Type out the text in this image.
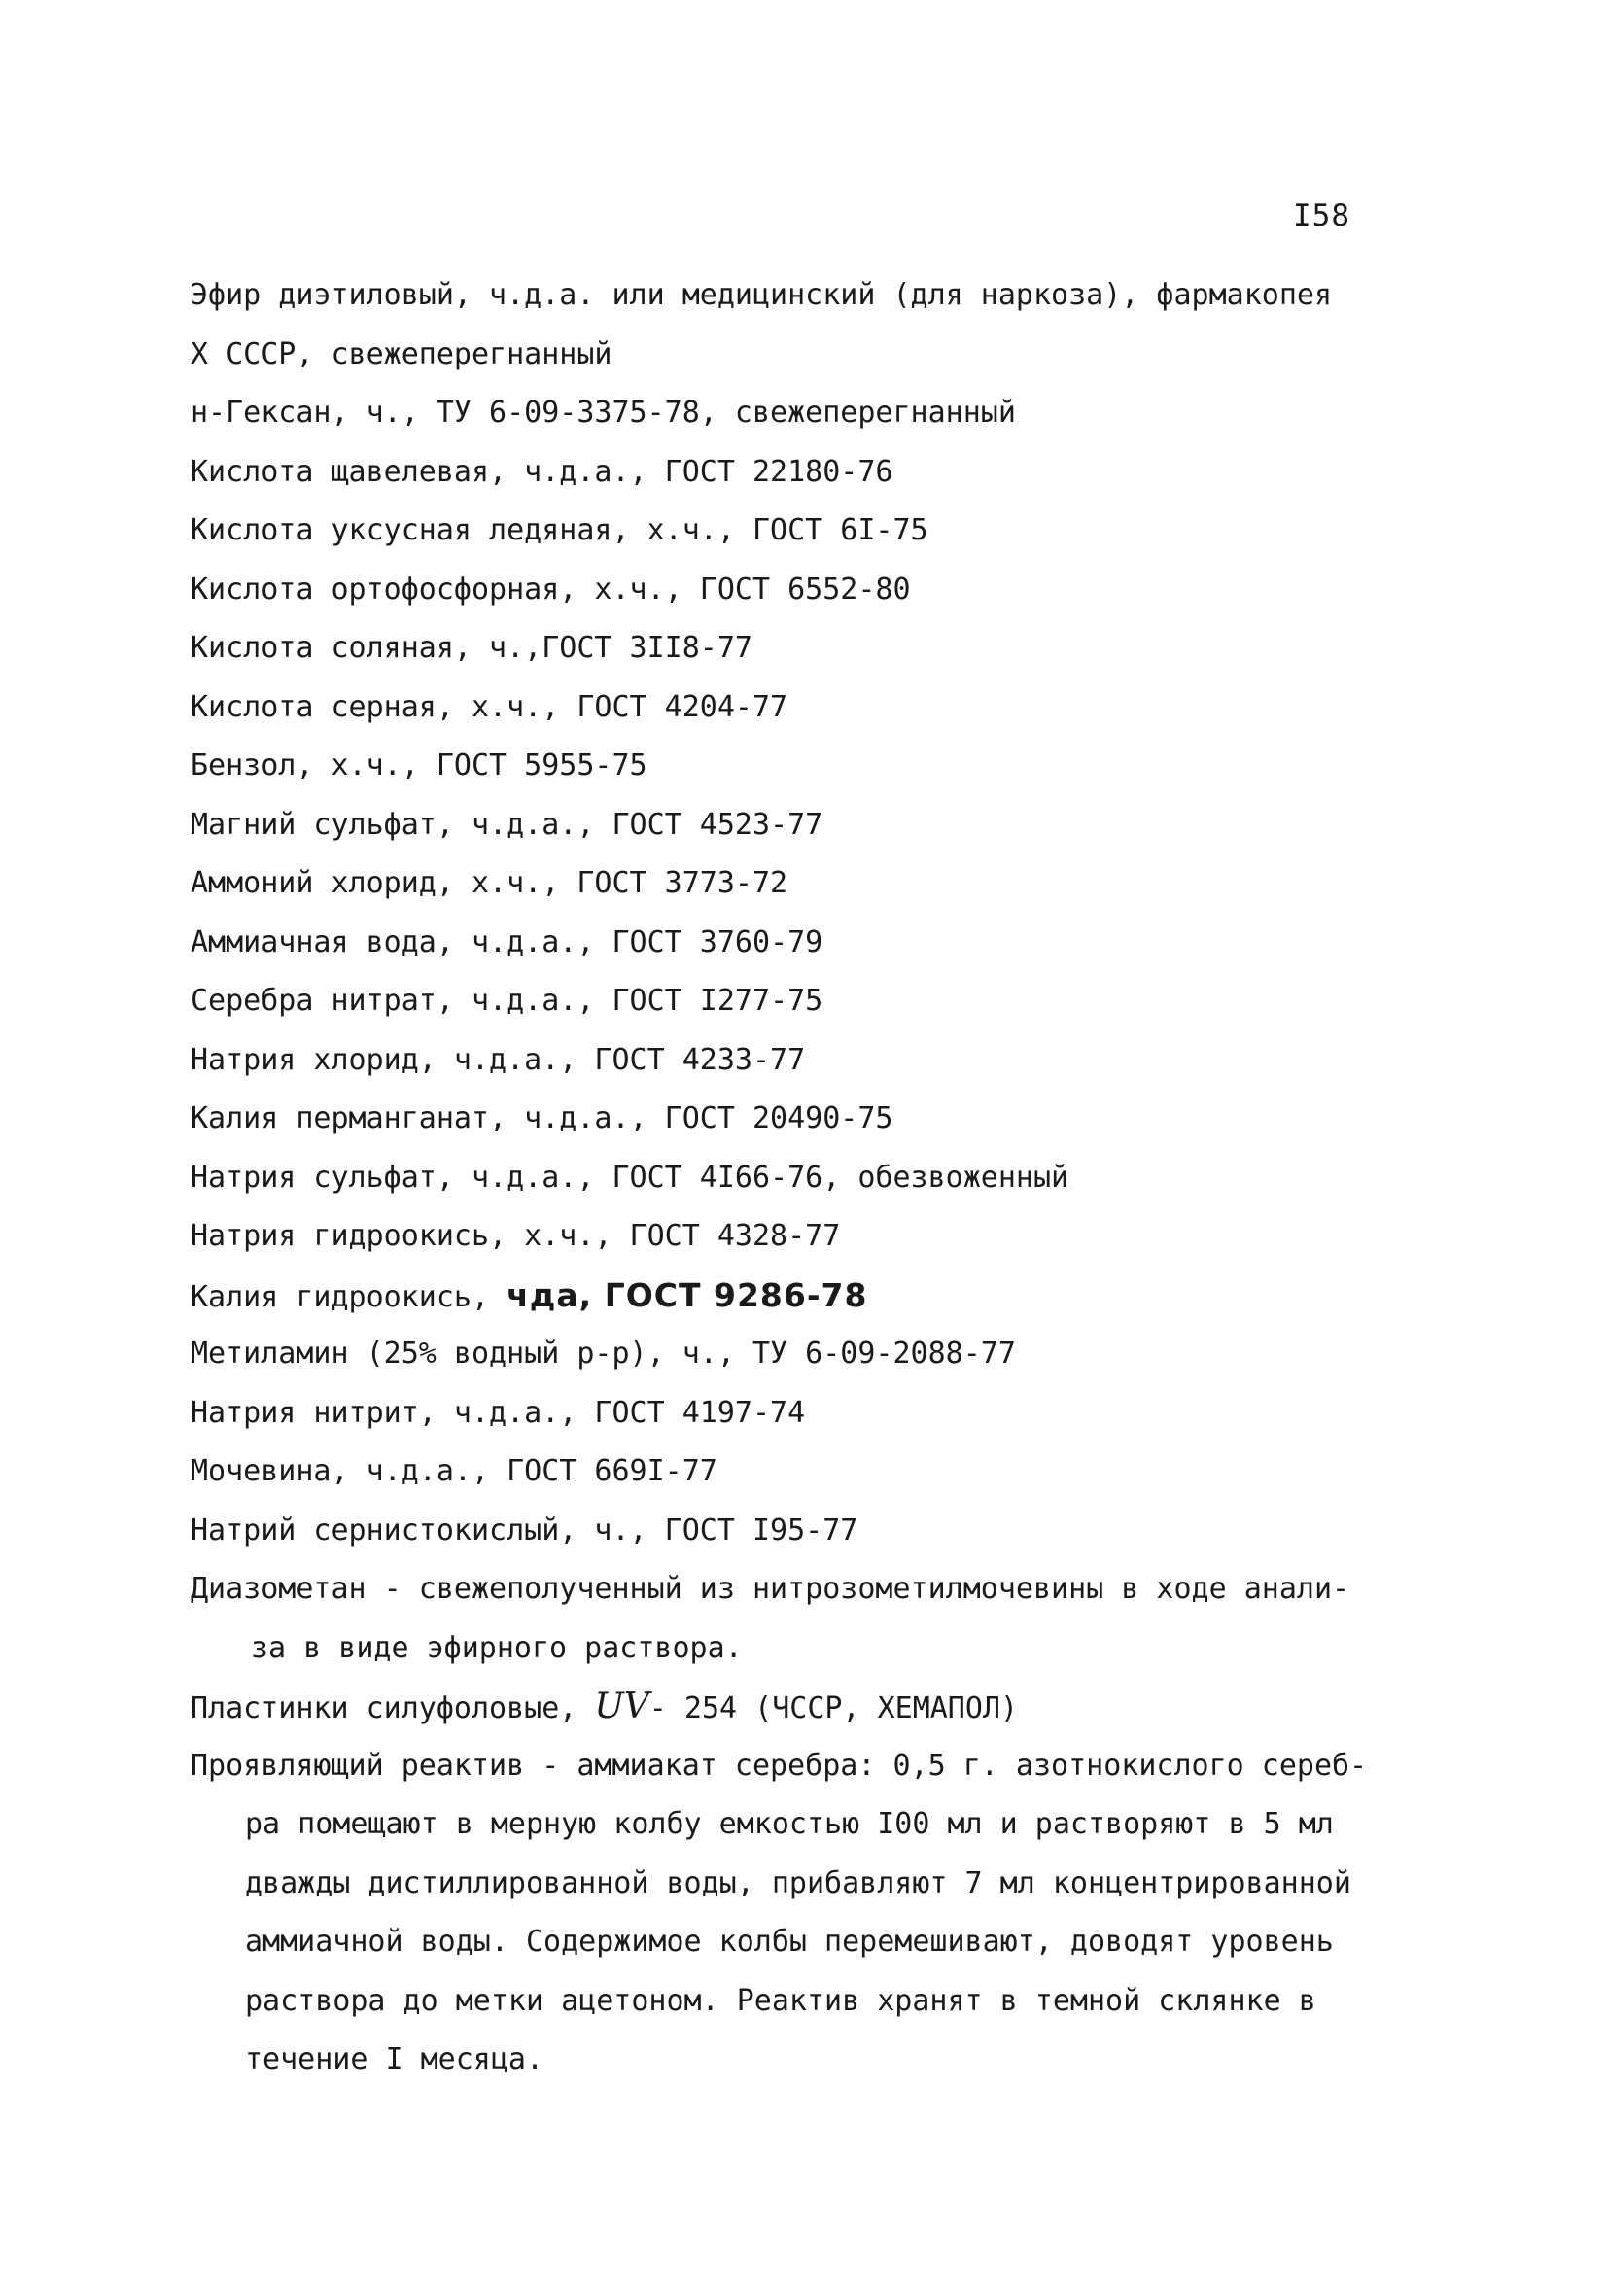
I58
Эфир диэтиловый, ч.д.а. или медицинский (для наркоза), фармакопея
X СССР, свежеперегнанный
н-Гексан, ч., ТУ 6-09-3375-78, свежеперегнанный
Кислота щавелевая, ч.д.а., ГОСТ 22180-76
Кислота уксусная ледяная, х.ч., ГОСТ 6I-75
Кислота ортофосфорная, х.ч., ГОСТ 6552-80
Кислота соляная, ч.,ГОСТ 3II8-77
Кислота серная, х.ч., ГОСТ 4204-77
Бензол, х.ч., ГОСТ 5955-75
Магний сульфат, ч.д.а., ГОСТ 4523-77
Аммоний хлорид, х.ч., ГОСТ 3773-72
Аммиачная вода, ч.д.а., ГОСТ 3760-79
Серебра нитрат, ч.д.а., ГОСТ I277-75
Натрия хлорид, ч.д.а., ГОСТ 4233-77
Калия перманганат, ч.д.а., ГОСТ 20490-75
Натрия сульфат, ч.д.а., ГОСТ 4I66-76, обезвоженный
Натрия гидроокись, х.ч., ГОСТ 4328-77
Калия гидроокись, чда, ГОСТ 9286-78
Метиламин (25% водный р-р), ч., ТУ 6-09-2088-77
Натрия нитрит, ч.д.а., ГОСТ 4197-74
Мочевина, ч.д.а., ГОСТ 669I-77
Натрий сернистокислый, ч., ГОСТ I95-77
Диазометан - свежеполученный из нитрозометилмочевины в ходе анали-
за в виде эфирного раствора.
Пластинки силуфоловые, UV- 254 (ЧССР, ХЕМАПОЛ)
Проявляющий реактив - аммиакат серебра: 0,5 г. азотнокислого сереб-
ра помещают в мерную колбу емкостью I00 мл и растворяют в 5 мл
дважды дистиллированной воды, прибавляют 7 мл концентрированной
аммиачной воды. Содержимое колбы перемешивают, доводят уровень
раствора до метки ацетоном. Реактив хранят в темной склянке в
течение I месяца.
